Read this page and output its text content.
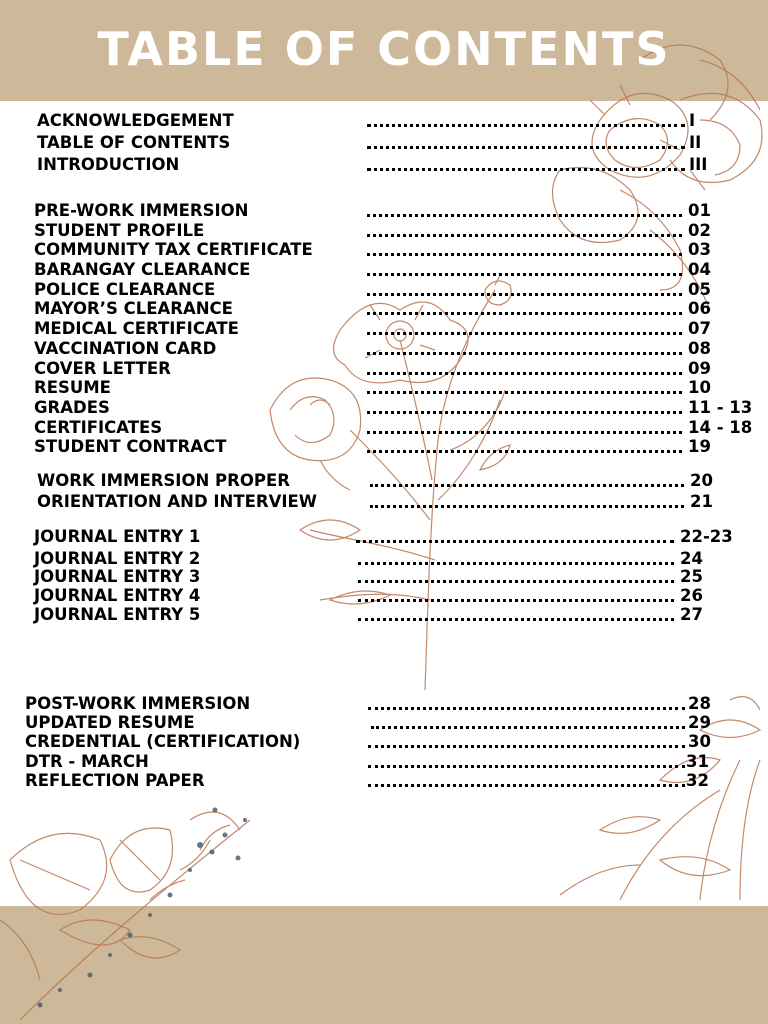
TABLE OF CONTENTS
ACKNOWLEDGEMENT	I
TABLE OF CONTENTS	II
INTRODUCTION	III
PRE-WORK IMMERSION	01
STUDENT PROFILE	02
COMMUNITY TAX CERTIFICATE	03
BARANGAY CLEARANCE	04
POLICE CLEARANCE	05
MAYOR’S CLEARANCE	06
MEDICAL CERTIFICATE	07
VACCINATION CARD	08
COVER LETTER	09
RESUME	10
GRADES	11 - 13
CERTIFICATES	14 - 18
STUDENT CONTRACT	19
WORK IMMERSION PROPER	20
ORIENTATION AND INTERVIEW	21
JOURNAL ENTRY 1	22-23
JOURNAL ENTRY 2	24
JOURNAL ENTRY 3	25
JOURNAL ENTRY 4	26
JOURNAL ENTRY 5	27
POST-WORK IMMERSION	28
UPDATED RESUME	29
CREDENTIAL (CERTIFICATION)	30
DTR - MARCH	31
REFLECTION PAPER	32
